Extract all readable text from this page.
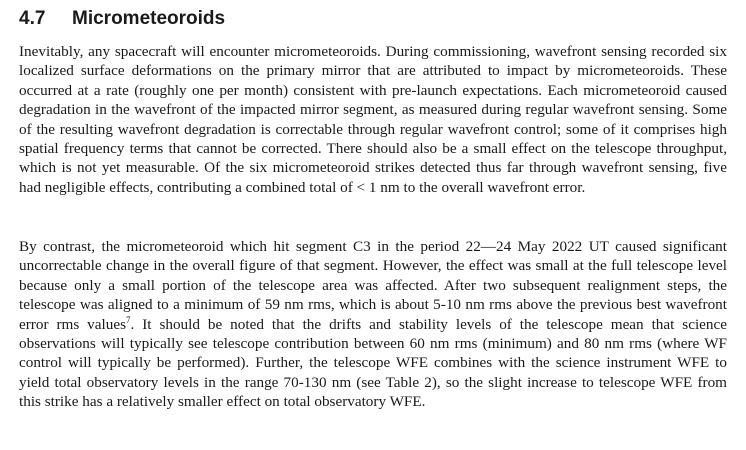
4.7 Micrometeoroids

Inevitably, any spacecraft will encounter micrometeoroids. During commissioning, wavefront sensing recorded six localized surface deformations on the primary mirror that are attributed to impact by micrometeoroids. These occurred at a rate (roughly one per month) consistent with pre-launch expectations. Each micrometeoroid caused degradation in the wavefront of the impacted mirror segment, as measured during regular wavefront sensing. Some of the resulting wavefront degradation is correctable through regular wavefront control; some of it comprises high spatial frequency terms that cannot be corrected. There should also be a small effect on the telescope throughput, which is not yet measurable. Of the six micrometeoroid strikes detected thus far through wavefront sensing, five had negligible effects, contributing a combined total of < 1 nm to the overall wavefront error.

By contrast, the micrometeoroid which hit segment C3 in the period 22—24 May 2022 UT caused significant uncorrectable change in the overall figure of that segment. However, the effect was small at the full telescope level because only a small portion of the telescope area was affected. After two subsequent realignment steps, the telescope was aligned to a minimum of 59 nm rms, which is about 5-10 nm rms above the previous best wavefront error rms values$^7$. It should be noted that the drifts and stability levels of the telescope mean that science observations will typically see telescope contribution between 60 nm rms (minimum) and 80 nm rms (where WF control will typically be performed). Further, the telescope WFE combines with the science instrument WFE to yield total observatory levels in the range 70-130 nm (see Table 2), so the slight increase to telescope WFE from this strike has a relatively smaller effect on total observatory WFE.
